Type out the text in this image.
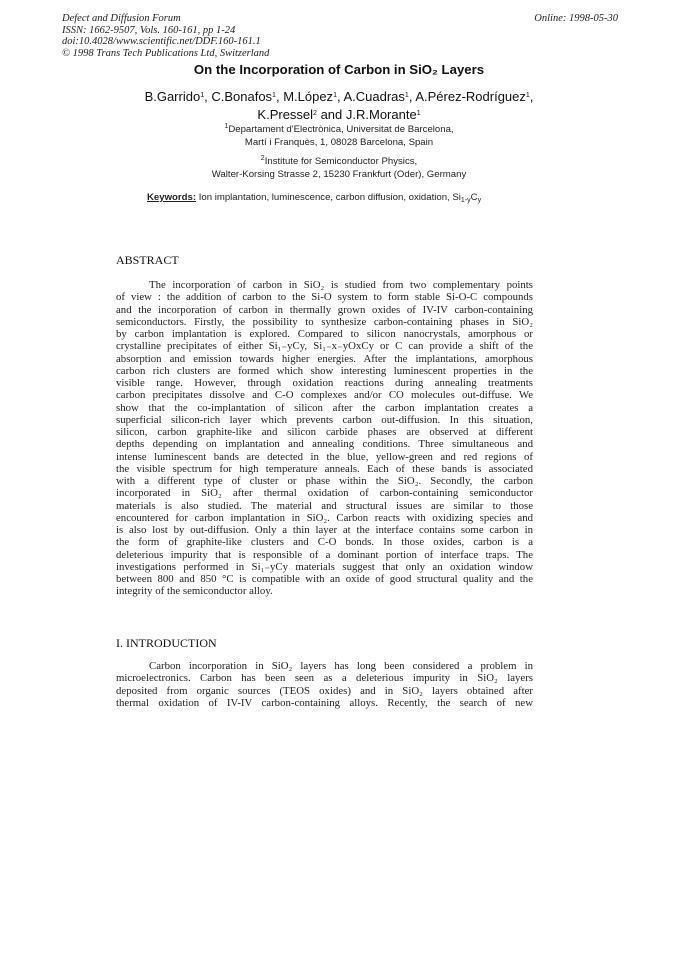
Defect and Diffusion Forum
ISSN: 1662-9507, Vols. 160-161, pp 1-24
doi:10.4028/www.scientific.net/DDF.160-161.1
© 1998 Trans Tech Publications Ltd, Switzerland
Online: 1998-05-30
On the Incorporation of Carbon in SiO₂ Layers
B.Garrido$^1$, C.Bonafos$^1$, M.López$^1$, A.Cuadras$^1$, A.Pérez-Rodríguez$^1$,
K.Pressel$^2$ and J.R.Morante$^1$
$^1$Departament d'Electrònica, Universitat de Barcelona,
Martí i Franquès, 1, 08028 Barcelona, Spain
$^2$Institute for Semiconductor Physics,
Walter-Korsing Strasse 2, 15230 Frankfurt (Oder), Germany
Keywords: Ion implantation, luminescence, carbon diffusion, oxidation, $Si_{1-y}C_y$
ABSTRACT
The incorporation of carbon in SiO₂ is studied from two complementary points
of view : the addition of carbon to the Si-O system to form stable Si-O-C compounds
and the incorporation of carbon in thermally grown oxides of IV-IV carbon-containing
semiconductors. Firstly, the possibility to synthesize carbon-containing phases in SiO₂
by carbon implantation is explored. Compared to silicon nanocrystals, amorphous or
crystalline precipitates of either Si₁₋yCy, Si₁₋x₋yOxCy or C can provide a shift of the
absorption and emission towards higher energies. After the implantations, amorphous
carbon rich clusters are formed which show interesting luminescent properties in the
visible range. However, through oxidation reactions during annealing treatments
carbon precipitates dissolve and C-O complexes and/or CO molecules out-diffuse. We
show that the co-implantation of silicon after the carbon implantation creates a
superficial silicon-rich layer which prevents carbon out-diffusion. In this situation,
silicon, carbon graphite-like and silicon carbide phases are observed at different
depths depending on implantation and annealing conditions. Three simultaneous and
intense luminescent bands are detected in the blue, yellow-green and red regions of
the visible spectrum for high temperature anneals. Each of these bands is associated
with a different type of cluster or phase within the SiO₂. Secondly, the carbon
incorporated in SiO₂ after thermal oxidation of carbon-containing semiconductor
materials is also studied. The material and structural issues are similar to those
encountered for carbon implantation in SiO₂. Carbon reacts with oxidizing species and
is also lost by out-diffusion. Only a thin layer at the interface contains some carbon in
the form of graphite-like clusters and C-O bonds. In those oxides, carbon is a
deleterious impurity that is responsible of a dominant portion of interface traps. The
investigations performed in Si₁₋yCy materials suggest that only an oxidation window
between 800 and 850 °C is compatible with an oxide of good structural quality and the
integrity of the semiconductor alloy.
I. INTRODUCTION
Carbon incorporation in SiO₂ layers has long been considered a problem in
microelectronics. Carbon has been seen as a deleterious impurity in SiO₂ layers
deposited from organic sources (TEOS oxides) and in SiO₂ layers obtained after
thermal oxidation of IV-IV carbon-containing alloys. Recently, the search of new
